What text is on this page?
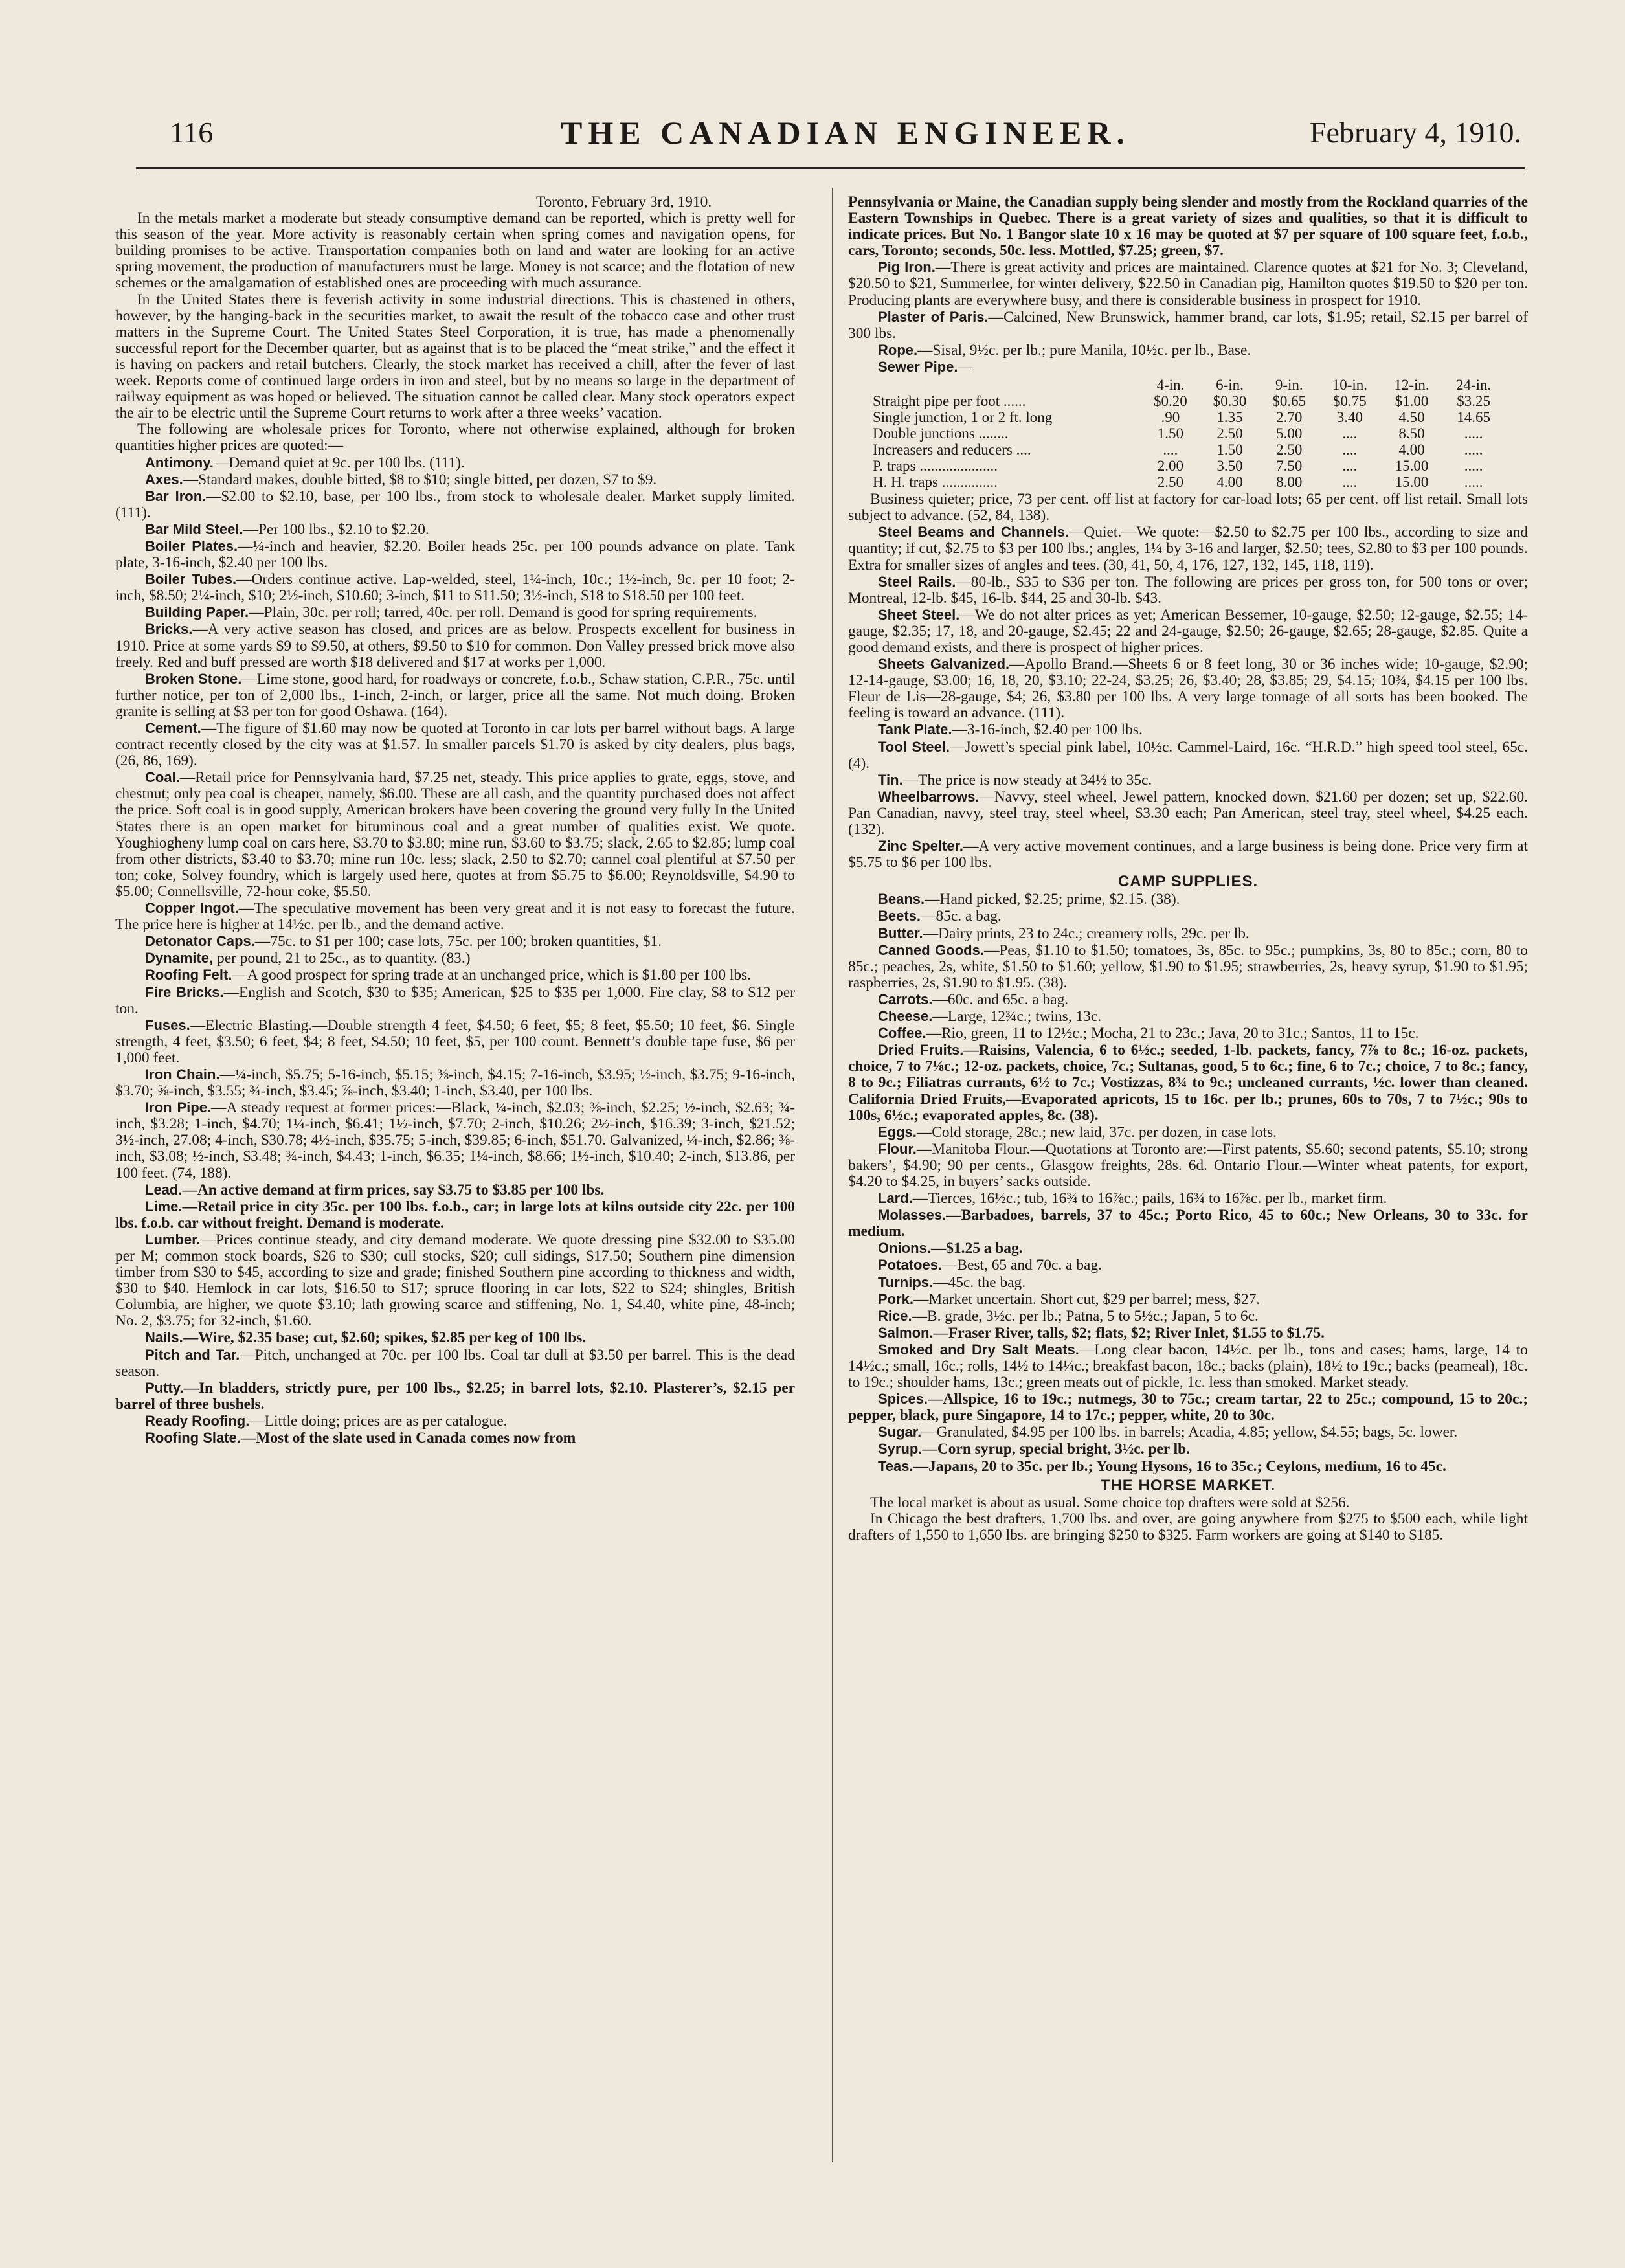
116	THE CANADIAN ENGINEER.	February 4, 1910.

Toronto, February 3rd, 1910.

In the metals market a moderate but steady consumptive demand can be reported, which is pretty well for this season of the year. More activity is reasonably certain when spring comes and navigation opens, for building promises to be active. Transportation companies both on land and water are looking for an active spring movement, the production of manufacturers must be large. Money is not scarce; and the flotation of new schemes or the amalgamation of established ones are proceeding with much assurance.

In the United States there is feverish activity in some industrial directions. This is chastened in others, however, by the hanging-back in the securities market, to await the result of the tobacco case and other trust matters in the Supreme Court. The United States Steel Corporation, it is true, has made a phenomenally successful report for the December quarter, but as against that is to be placed the “meat strike,” and the effect it is having on packers and retail butchers. Clearly, the stock market has received a chill, after the fever of last week. Reports come of continued large orders in iron and steel, but by no means so large in the department of railway equipment as was hoped or believed. The situation cannot be called clear. Many stock operators expect the air to be electric until the Supreme Court returns to work after a three weeks’ vacation.

The following are wholesale prices for Toronto, where not otherwise explained, although for broken quantities higher prices are quoted:—

Antimony.—Demand quiet at 9c. per 100 lbs. (111).

Axes.—Standard makes, double bitted, $8 to $10; single bitted, per dozen, $7 to $9.

Bar Iron.—$2.00 to $2.10, base, per 100 lbs., from stock to wholesale dealer. Market supply limited. (111).

Bar Mild Steel.—Per 100 lbs., $2.10 to $2.20.

Boiler Plates.—¼-inch and heavier, $2.20. Boiler heads 25c. per 100 pounds advance on plate. Tank plate, 3-16-inch, $2.40 per 100 lbs.

Boiler Tubes.—Orders continue active. Lap-welded, steel, 1¼-inch, 10c.; 1½-inch, 9c. per 10 foot; 2-inch, $8.50; 2¼-inch, $10; 2½-inch, $10.60; 3-inch, $11 to $11.50; 3½-inch, $18 to $18.50 per 100 feet.

Building Paper.—Plain, 30c. per roll; tarred, 40c. per roll. Demand is good for spring requirements.

Bricks.—A very active season has closed, and prices are as below. Prospects excellent for business in 1910. Price at some yards $9 to $9.50, at others, $9.50 to $10 for common. Don Valley pressed brick move also freely. Red and buff pressed are worth $18 delivered and $17 at works per 1,000.

Broken Stone.—Lime stone, good hard, for roadways or concrete, f.o.b., Schaw station, C.P.R., 75c. until further notice, per ton of 2,000 lbs., 1-inch, 2-inch, or larger, price all the same. Not much doing. Broken granite is selling at $3 per ton for good Oshawa. (164).

Cement.—The figure of $1.60 may now be quoted at Toronto in car lots per barrel without bags. A large contract recently closed by the city was at $1.57. In smaller parcels $1.70 is asked by city dealers, plus bags, (26, 86, 169).

Coal.—Retail price for Pennsylvania hard, $7.25 net, steady. This price applies to grate, eggs, stove, and chestnut; only pea coal is cheaper, namely, $6.00. These are all cash, and the quantity purchased does not affect the price. Soft coal is in good supply, American brokers have been covering the ground very fully In the United States there is an open market for bituminous coal and a great number of qualities exist. We quote. Youghiogheny lump coal on cars here, $3.70 to $3.80; mine run, $3.60 to $3.75; slack, 2.65 to $2.85; lump coal from other districts, $3.40 to $3.70; mine run 10c. less; slack, 2.50 to $2.70; cannel coal plentiful at $7.50 per ton; coke, Solvey foundry, which is largely used here, quotes at from $5.75 to $6.00; Reynoldsville, $4.90 to $5.00; Connellsville, 72-hour coke, $5.50.

Copper Ingot.—The speculative movement has been very great and it is not easy to forecast the future. The price here is higher at 14½c. per lb., and the demand active.

Detonator Caps.—75c. to $1 per 100; case lots, 75c. per 100; broken quantities, $1.

Dynamite, per pound, 21 to 25c., as to quantity. (83.)

Roofing Felt.—A good prospect for spring trade at an unchanged price, which is $1.80 per 100 lbs.

Fire Bricks.—English and Scotch, $30 to $35; American, $25 to $35 per 1,000. Fire clay, $8 to $12 per ton.

Fuses.—Electric Blasting.—Double strength 4 feet, $4.50; 6 feet, $5; 8 feet, $5.50; 10 feet, $6. Single strength, 4 feet, $3.50; 6 feet, $4; 8 feet, $4.50; 10 feet, $5, per 100 count. Bennett’s double tape fuse, $6 per 1,000 feet.

Iron Chain.—¼-inch, $5.75; 5-16-inch, $5.15; ⅜-inch, $4.15; 7-16-inch, $3.95; ½-inch, $3.75; 9-16-inch, $3.70; ⅝-inch, $3.55; ¾-inch, $3.45; ⅞-inch, $3.40; 1-inch, $3.40, per 100 lbs.

Iron Pipe.—A steady request at former prices:—Black, ¼-inch, $2.03; ⅜-inch, $2.25; ½-inch, $2.63; ¾-inch, $3.28; 1-inch, $4.70; 1¼-inch, $6.41; 1½-inch, $7.70; 2-inch, $10.26; 2½-inch, $16.39; 3-inch, $21.52; 3½-inch, 27.08; 4-inch, $30.78; 4½-inch, $35.75; 5-inch, $39.85; 6-inch, $51.70. Galvanized, ¼-inch, $2.86; ⅜-inch, $3.08; ½-inch, $3.48; ¾-inch, $4.43; 1-inch, $6.35; 1¼-inch, $8.66; 1½-inch, $10.40; 2-inch, $13.86, per 100 feet. (74, 188).

Lead.—An active demand at firm prices, say $3.75 to $3.85 per 100 lbs.

Lime.—Retail price in city 35c. per 100 lbs. f.o.b., car; in large lots at kilns outside city 22c. per 100 lbs. f.o.b. car without freight. Demand is moderate.

Lumber.—Prices continue steady, and city demand moderate. We quote dressing pine $32.00 to $35.00 per M; common stock boards, $26 to $30; cull stocks, $20; cull sidings, $17.50; Southern pine dimension timber from $30 to $45, according to size and grade; finished Southern pine according to thickness and width, $30 to $40. Hemlock in car lots, $16.50 to $17; spruce flooring in car lots, $22 to $24; shingles, British Columbia, are higher, we quote $3.10; lath growing scarce and stiffening, No. 1, $4.40, white pine, 48-inch; No. 2, $3.75; for 32-inch, $1.60.

Nails.—Wire, $2.35 base; cut, $2.60; spikes, $2.85 per keg of 100 lbs.

Pitch and Tar.—Pitch, unchanged at 70c. per 100 lbs. Coal tar dull at $3.50 per barrel. This is the dead season.

Putty.—In bladders, strictly pure, per 100 lbs., $2.25; in barrel lots, $2.10. Plasterer’s, $2.15 per barrel of three bushels.

Ready Roofing.—Little doing; prices are as per catalogue.

Roofing Slate.—Most of the slate used in Canada comes now from

Pennsylvania or Maine, the Canadian supply being slender and mostly from the Rockland quarries of the Eastern Townships in Quebec. There is a great variety of sizes and qualities, so that it is difficult to indicate prices. But No. 1 Bangor slate 10 x 16 may be quoted at $7 per square of 100 square feet, f.o.b., cars, Toronto; seconds, 50c. less. Mottled, $7.25; green, $7.

Pig Iron.—There is great activity and prices are maintained. Clarence quotes at $21 for No. 3; Cleveland, $20.50 to $21, Summerlee, for winter delivery, $22.50 in Canadian pig, Hamilton quotes $19.50 to $20 per ton. Producing plants are everywhere busy, and there is considerable business in prospect for 1910.

Plaster of Paris.—Calcined, New Brunswick, hammer brand, car lots, $1.95; retail, $2.15 per barrel of 300 lbs.

Rope.—Sisal, 9½c. per lb.; pure Manila, 10½c. per lb., Base.

Sewer Pipe.—

	4-in.	6-in.	9-in.	10-in.	12-in.	24-in.
Straight pipe per foot ......	$0.20	$0.30	$0.65	$0.75	$1.00	$3.25
Single junction, 1 or 2 ft. long	.90	1.35	2.70	3.40	4.50	14.65
Double junctions ........	1.50	2.50	5.00	....	8.50	.....
Increasers and reducers ....	....	1.50	2.50	....	4.00	.....
P. traps .....................	2.00	3.50	7.50	....	15.00	.....
H. H. traps ...............	2.50	4.00	8.00	....	15.00	.....

Business quieter; price, 73 per cent. off list at factory for car-load lots; 65 per cent. off list retail. Small lots subject to advance. (52, 84, 138).

Steel Beams and Channels.—Quiet.—We quote:—$2.50 to $2.75 per 100 lbs., according to size and quantity; if cut, $2.75 to $3 per 100 lbs.; angles, 1¼ by 3-16 and larger, $2.50; tees, $2.80 to $3 per 100 pounds. Extra for smaller sizes of angles and tees. (30, 41, 50, 4, 176, 127, 132, 145, 118, 119).

Steel Rails.—80-lb., $35 to $36 per ton. The following are prices per gross ton, for 500 tons or over; Montreal, 12-lb. $45, 16-lb. $44, 25 and 30-lb. $43.

Sheet Steel.—We do not alter prices as yet; American Bessemer, 10-gauge, $2.50; 12-gauge, $2.55; 14-gauge, $2.35; 17, 18, and 20-gauge, $2.45; 22 and 24-gauge, $2.50; 26-gauge, $2.65; 28-gauge, $2.85. Quite a good demand exists, and there is prospect of higher prices.

Sheets Galvanized.—Apollo Brand.—Sheets 6 or 8 feet long, 30 or 36 inches wide; 10-gauge, $2.90; 12-14-gauge, $3.00; 16, 18, 20, $3.10; 22-24, $3.25; 26, $3.40; 28, $3.85; 29, $4.15; 10¾, $4.15 per 100 lbs. Fleur de Lis—28-gauge, $4; 26, $3.80 per 100 lbs. A very large tonnage of all sorts has been booked. The feeling is toward an advance. (111).

Tank Plate.—3-16-inch, $2.40 per 100 lbs.

Tool Steel.—Jowett’s special pink label, 10½c. Cammel-Laird, 16c. “H.R.D.” high speed tool steel, 65c. (4).

Tin.—The price is now steady at 34½ to 35c.

Wheelbarrows.—Navvy, steel wheel, Jewel pattern, knocked down, $21.60 per dozen; set up, $22.60. Pan Canadian, navvy, steel tray, steel wheel, $3.30 each; Pan American, steel tray, steel wheel, $4.25 each. (132).

Zinc Spelter.—A very active movement continues, and a large business is being done. Price very firm at $5.75 to $6 per 100 lbs.

CAMP SUPPLIES.

Beans.—Hand picked, $2.25; prime, $2.15. (38).

Beets.—85c. a bag.

Butter.—Dairy prints, 23 to 24c.; creamery rolls, 29c. per lb.

Canned Goods.—Peas, $1.10 to $1.50; tomatoes, 3s, 85c. to 95c.; pumpkins, 3s, 80 to 85c.; corn, 80 to 85c.; peaches, 2s, white, $1.50 to $1.60; yellow, $1.90 to $1.95; strawberries, 2s, heavy syrup, $1.90 to $1.95; raspberries, 2s, $1.90 to $1.95. (38).

Carrots.—60c. and 65c. a bag.

Cheese.—Large, 12¾c.; twins, 13c.

Coffee.—Rio, green, 11 to 12½c.; Mocha, 21 to 23c.; Java, 20 to 31c.; Santos, 11 to 15c.

Dried Fruits.—Raisins, Valencia, 6 to 6½c.; seeded, 1-lb. packets, fancy, 7⅞ to 8c.; 16-oz. packets, choice, 7 to 7⅛c.; 12-oz. packets, choice, 7c.; Sultanas, good, 5 to 6c.; fine, 6 to 7c.; choice, 7 to 8c.; fancy, 8 to 9c.; Filiatras currants, 6½ to 7c.; Vostizzas, 8¾ to 9c.; uncleaned currants, ½c. lower than cleaned. California Dried Fruits,—Evaporated apricots, 15 to 16c. per lb.; prunes, 60s to 70s, 7 to 7½c.; 90s to 100s, 6½c.; evaporated apples, 8c. (38).

Eggs.—Cold storage, 28c.; new laid, 37c. per dozen, in case lots.

Flour.—Manitoba Flour.—Quotations at Toronto are:—First patents, $5.60; second patents, $5.10; strong bakers’, $4.90; 90 per cents., Glasgow freights, 28s. 6d. Ontario Flour.—Winter wheat patents, for export, $4.20 to $4.25, in buyers’ sacks outside.

Lard.—Tierces, 16½c.; tub, 16¾ to 16⅞c.; pails, 16¾ to 16⅞c. per lb., market firm.

Molasses.—Barbadoes, barrels, 37 to 45c.; Porto Rico, 45 to 60c.; New Orleans, 30 to 33c. for medium.

Onions.—$1.25 a bag.

Potatoes.—Best, 65 and 70c. a bag.

Turnips.—45c. the bag.

Pork.—Market uncertain. Short cut, $29 per barrel; mess, $27.

Rice.—B. grade, 3½c. per lb.; Patna, 5 to 5½c.; Japan, 5 to 6c.

Salmon.—Fraser River, talls, $2; flats, $2; River Inlet, $1.55 to $1.75.

Smoked and Dry Salt Meats.—Long clear bacon, 14½c. per lb., tons and cases; hams, large, 14 to 14½c.; small, 16c.; rolls, 14½ to 14¼c.; breakfast bacon, 18c.; backs (plain), 18½ to 19c.; backs (peameal), 18c. to 19c.; shoulder hams, 13c.; green meats out of pickle, 1c. less than smoked. Market steady.

Spices.—Allspice, 16 to 19c.; nutmegs, 30 to 75c.; cream tartar, 22 to 25c.; compound, 15 to 20c.; pepper, black, pure Singapore, 14 to 17c.; pepper, white, 20 to 30c.

Sugar.—Granulated, $4.95 per 100 lbs. in barrels; Acadia, 4.85; yellow, $4.55; bags, 5c. lower.

Syrup.—Corn syrup, special bright, 3½c. per lb.

Teas.—Japans, 20 to 35c. per lb.; Young Hysons, 16 to 35c.; Ceylons, medium, 16 to 45c.

THE HORSE MARKET.

The local market is about as usual. Some choice top drafters were sold at $256.

In Chicago the best drafters, 1,700 lbs. and over, are going anywhere from $275 to $500 each, while light drafters of 1,550 to 1,650 lbs. are bringing $250 to $325. Farm workers are going at $140 to $185.
